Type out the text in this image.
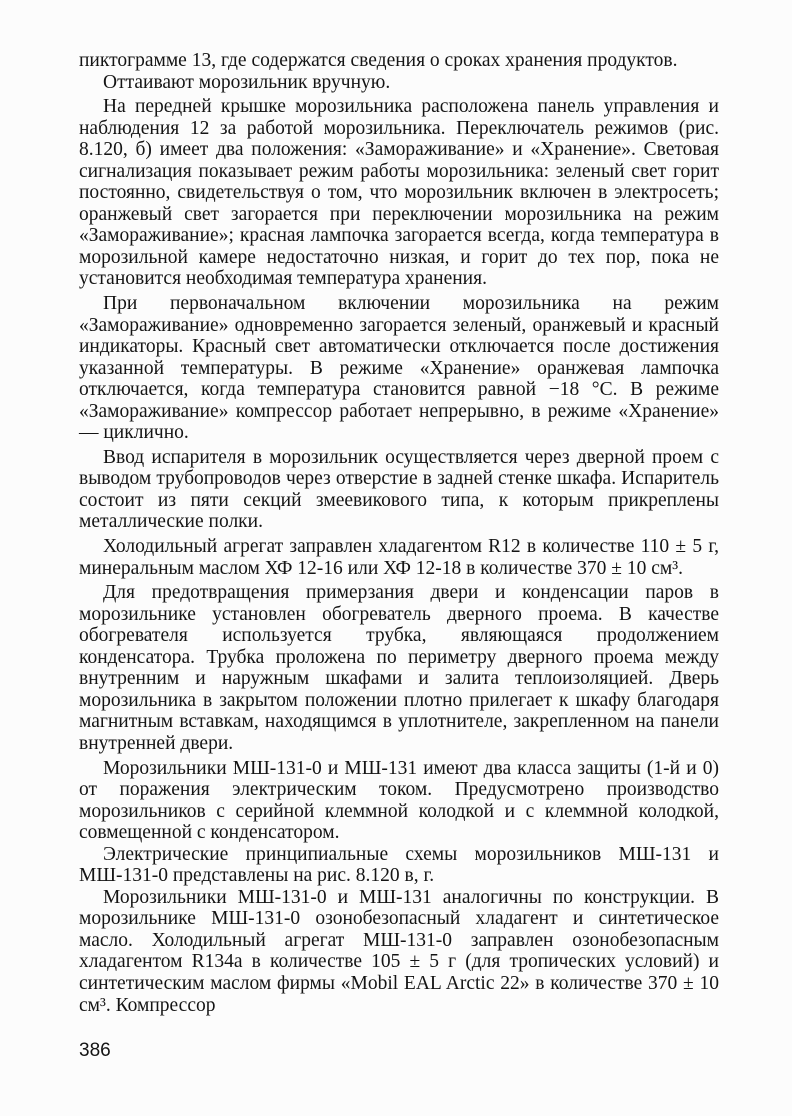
пиктограмме 13, где содержатся сведения о сроках хранения продуктов.

Оттаивают морозильник вручную.

На передней крышке морозильника расположена панель управления и наблюдения 12 за работой морозильника. Переключатель режимов (рис. 8.120, б) имеет два положения: «Замораживание» и «Хранение». Световая сигнализация показывает режим работы морозильника: зеленый свет горит постоянно, свидетельствуя о том, что морозильник включен в электросеть; оранжевый свет загорается при переключении морозильника на режим «Замораживание»; красная лампочка загорается всегда, когда температура в морозильной камере недостаточно низкая, и горит до тех пор, пока не установится необходимая температура хранения.

При первоначальном включении морозильника на режим «Замораживание» одновременно загорается зеленый, оранжевый и красный индикаторы. Красный свет автоматически отключается после достижения указанной температуры. В режиме «Хранение» оранжевая лампочка отключается, когда температура становится равной −18 °С. В режиме «Замораживание» компрессор работает непрерывно, в режиме «Хранение» — циклично.

Ввод испарителя в морозильник осуществляется через дверной проем с выводом трубопроводов через отверстие в задней стенке шкафа. Испаритель состоит из пяти секций змеевикового типа, к которым прикреплены металлические полки.

Холодильный агрегат заправлен хладагентом R12 в количестве 110 ± 5 г, минеральным маслом ХФ 12-16 или ХФ 12-18 в количестве 370 ± 10 см³.

Для предотвращения примерзания двери и конденсации паров в морозильнике установлен обогреватель дверного проема. В качестве обогревателя используется трубка, являющаяся продолжением конденсатора. Трубка проложена по периметру дверного проема между внутренним и наружным шкафами и залита теплоизоляцией. Дверь морозильника в закрытом положении плотно прилегает к шкафу благодаря магнитным вставкам, находящимся в уплотнителе, закрепленном на панели внутренней двери.

Морозильники МШ-131-0 и МШ-131 имеют два класса защиты (1-й и 0) от поражения электрическим током. Предусмотрено производство морозильников с серийной клеммной колодкой и с клеммной колодкой, совмещенной с конденсатором.

Электрические принципиальные схемы морозильников МШ-131 и МШ-131-0 представлены на рис. 8.120 в, г.

Морозильники МШ-131-0 и МШ-131 аналогичны по конструкции. В морозильнике МШ-131-0 озонобезопасный хладагент и синтетическое масло. Холодильный агрегат МШ-131-0 заправлен озонобезопасным хладагентом R134а в количестве 105 ± 5 г (для тропических условий) и синтетическим маслом фирмы «Mobil EAL Arctic 22» в количестве 370 ± 10 см³. Компрессор

386
